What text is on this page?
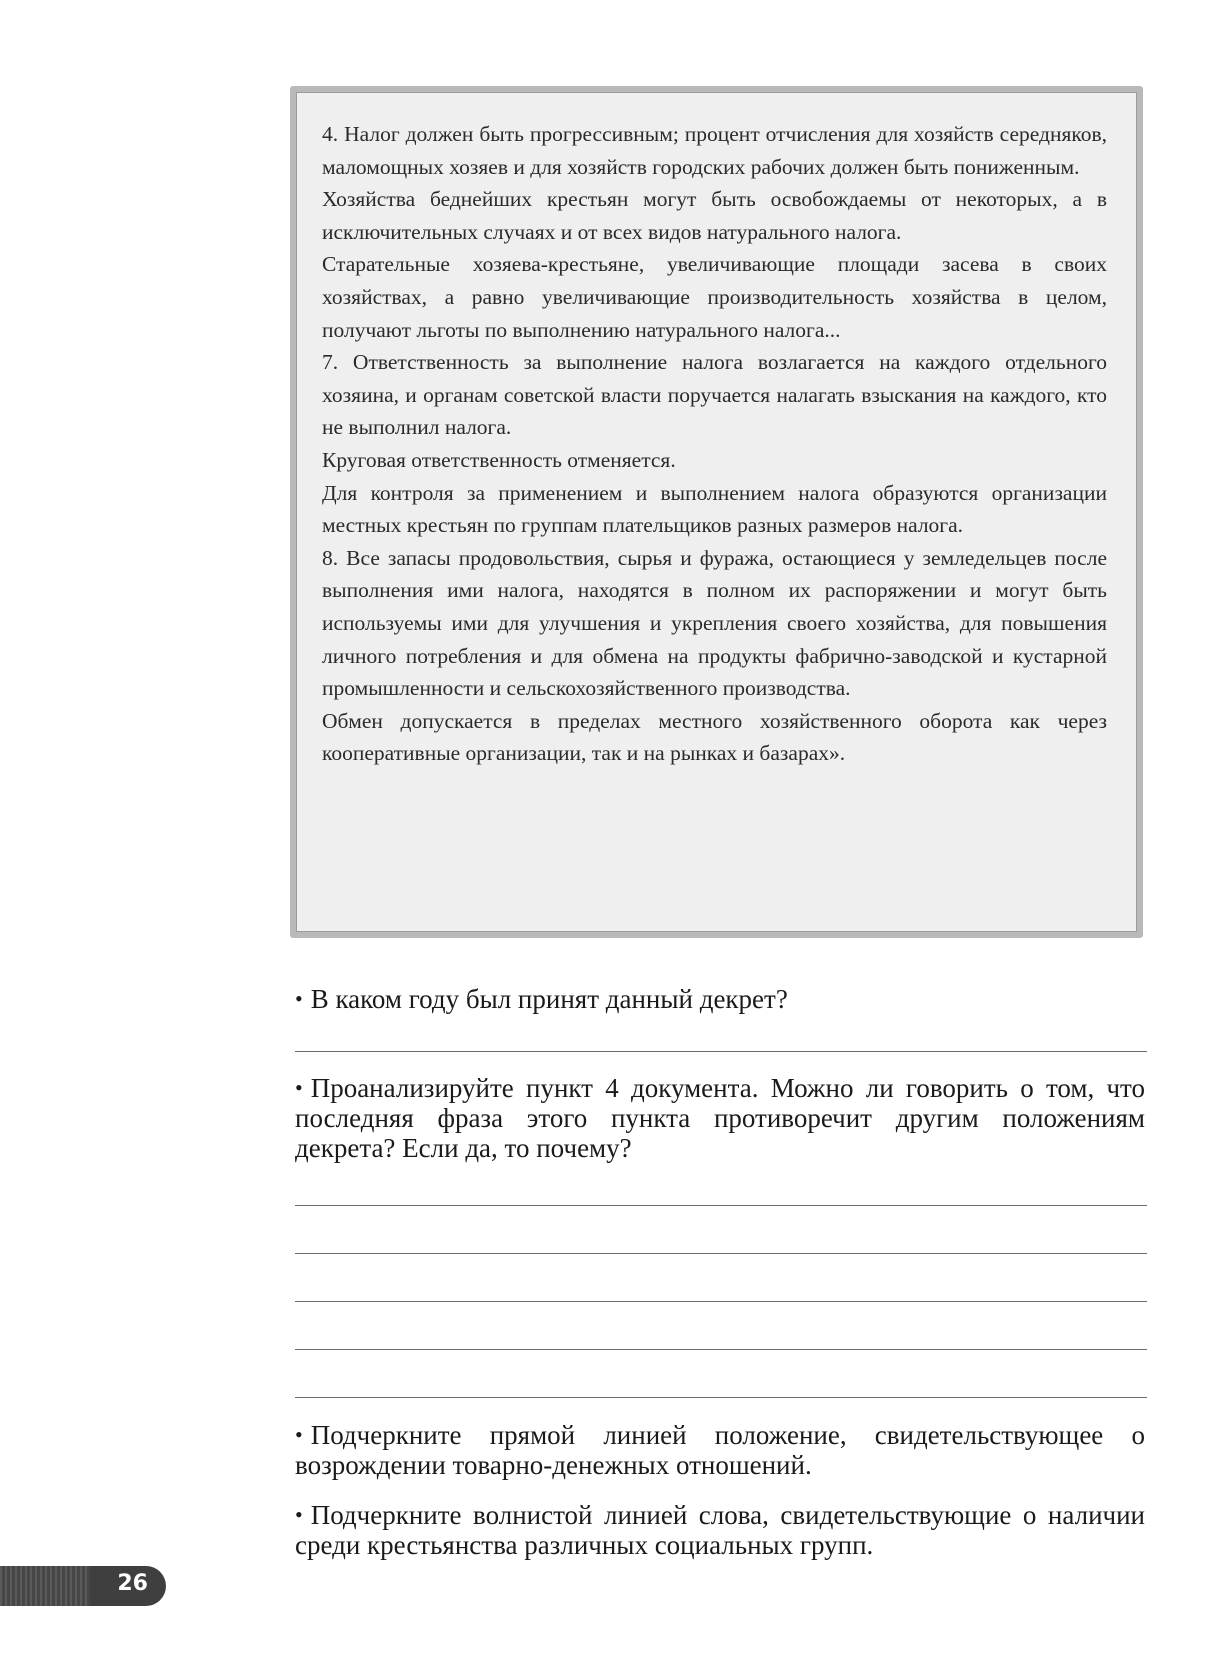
4. Налог должен быть прогрессивным; процент отчисления для хозяйств середняков, маломощных хозяев и для хозяйств городских рабочих должен быть пониженным.

Хозяйства беднейших крестьян могут быть освобождаемы от некоторых, а в исключительных случаях и от всех видов натурального налога.

Старательные хозяева-крестьяне, увеличивающие площади засева в своих хозяйствах, а равно увеличивающие производительность хозяйства в целом, получают льготы по выполнению натурального налога...

7. Ответственность за выполнение налога возлагается на каждого отдельного хозяина, и органам советской власти поручается налагать взыскания на каждого, кто не выполнил налога.

Круговая ответственность отменяется.

Для контроля за применением и выполнением налога образуются организации местных крестьян по группам плательщиков разных размеров налога.

8. Все запасы продовольствия, сырья и фуража, остающиеся у земледельцев после выполнения ими налога, находятся в полном их распоряжении и могут быть используемы ими для улучшения и укрепления своего хозяйства, для повышения личного потребления и для обмена на продукты фабрично-заводской и кустарной промышленности и сельскохозяйственного производства.

Обмен допускается в пределах местного хозяйственного оборота как через кооперативные организации, так и на рынках и базарах».

• В каком году был принят данный декрет?

• Проанализируйте пункт 4 документа. Можно ли говорить о том, что последняя фраза этого пункта противоречит другим положениям декрета? Если да, то почему?

• Подчеркните прямой линией положение, свидетельствующее о возрождении товарно-денежных отношений.

• Подчеркните волнистой линией слова, свидетельствующие о наличии среди крестьянства различных социальных групп.

26
